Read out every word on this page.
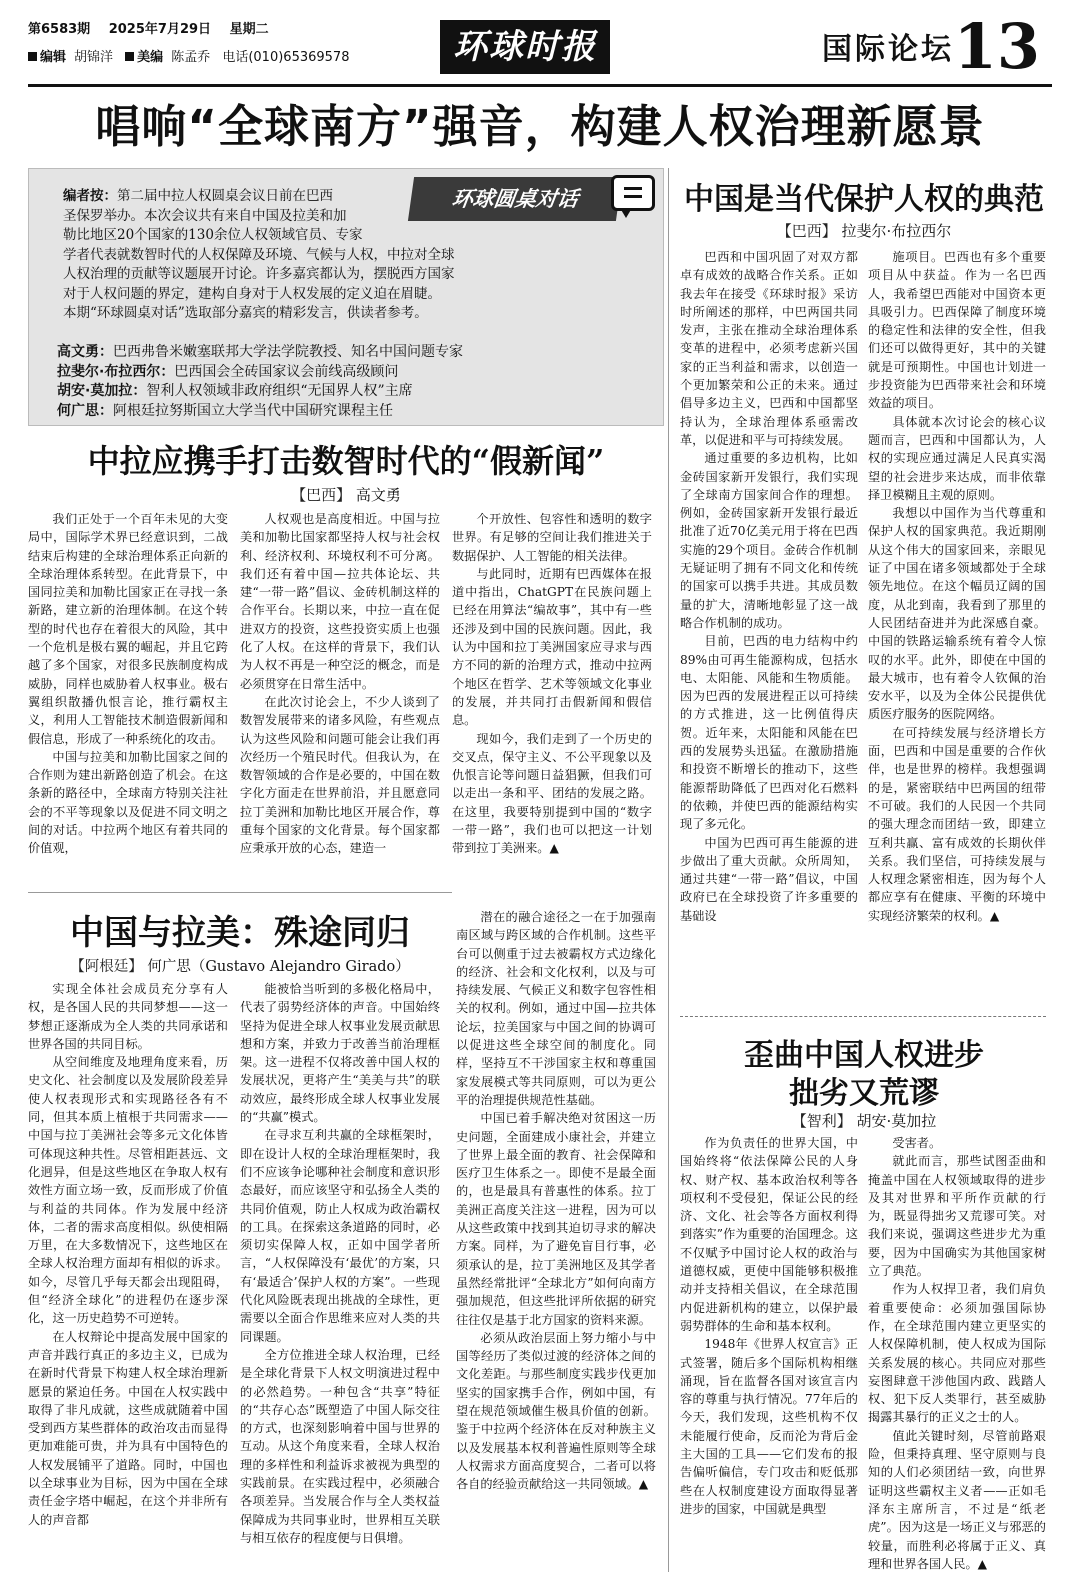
第6583期 2025年7月29日 星期二
编辑 胡锦洋 美编 陈孟乔 电话(010)65369578	环球时报	国际论坛 13
唱响“全球南方”强音，构建人权治理新愿景
环球圆桌对话
编者按：第二届中拉人权圆桌会议日前在巴西
圣保罗举办。本次会议共有来自中国及拉美和加
勒比地区20个国家的130余位人权领域官员、专家
学者代表就数智时代的人权保障及环境、气候与人权，中拉对全球
人权治理的贡献等议题展开讨论。许多嘉宾都认为，摆脱西方国家
对于人权问题的界定，建构自身对于人权发展的定义迫在眉睫。
本期“环球圆桌对话”选取部分嘉宾的精彩发言，供读者参考。
高文勇：巴西弗鲁米嫩塞联邦大学法学院教授、知名中国问题专家
拉斐尔·布拉西尔：巴西国会全砖国家议会前线高级顾问
胡安·莫加拉：智利人权领域非政府组织“无国界人权”主席
何广思：阿根廷拉努斯国立大学当代中国研究课程主任
中拉应携手打击数智时代的“假新闻”
【巴西】 高文勇

我们正处于一个百年未见的大变局中，国际学术界已经意识到，二战结束后构建的全球治理体系正向新的全球治理体系转型。在此背景下，中国同拉美和加勒比国家正在寻找一条新路，建立新的治理体制。在这个转型的时代也存在着很大的风险，其中一个危机是极右翼的崛起，并且它跨越了多个国家，对很多民族制度构成威胁，同样也威胁着人权事业。极右翼组织散播仇恨言论，推行霸权主义，利用人工智能技术制造假新闻和假信息，形成了一种系统化的攻击。

中国与拉美和加勒比国家之间的合作则为建出新路创造了机会。在这条新的路径中，全球南方特别关注社会的不平等现象以及促进不同文明之间的对话。中拉两个地区有着共同的价值观，

人权观也是高度相近。中国与拉美和加勒比国家都坚持人权与社会权利、经济权利、环境权利不可分离。我们还有着中国—拉共体论坛、共建“一带一路”倡议、金砖机制这样的合作平台。长期以来，中拉一直在促进双方的投资，这些投资实质上也强化了人权。在这样的背景下，我们认为人权不再是一种空泛的概念，而是必须贯穿在日常生活中。

在此次讨论会上，不少人谈到了数智发展带来的诸多风险，有些观点认为这些风险和问题可能会让我们再次经历一个殖民时代。但我认为，在数智领域的合作是必要的，中国在数字化方面走在世界前沿，并且愿意同拉丁美洲和加勒比地区开展合作，尊重每个国家的文化背景。每个国家都应秉承开放的心态，建造一

个开放性、包容性和透明的数字世界。有足够的空间让我们推进关于数据保护、人工智能的相关法律。

与此同时，近期有巴西媒体在报道中指出，ChatGPT在民族问题上已经在用算法“编故事”，其中有一些还涉及到中国的民族问题。因此，我认为中国和拉丁美洲国家应寻求与西方不同的新的治理方式，推动中拉两个地区在哲学、艺术等领域文化事业的发展，并共同打击假新闻和假信息。

现如今，我们走到了一个历史的交叉点，保守主义、不公平现象以及仇恨言论等问题日益猖獗，但我们可以走出一条和平、团结的发展之路。在这里，我要特别提到中国的“数字一带一路”，我们也可以把这一计划带到拉丁美洲来。▲

中国与拉美：殊途同归
【阿根廷】 何广思（Gustavo Alejandro Girado）

实现全体社会成员充分享有人权，是各国人民的共同梦想——这一梦想正逐渐成为全人类的共同承诺和世界各国的共同目标。

从空间维度及地理角度来看，历史文化、社会制度以及发展阶段差异使人权表现形式和实现路径各有不同，但其本质上植根于共同需求——中国与拉丁美洲社会等多元文化体皆可体现这种共性。尽管相距甚远、文化迥异，但是这些地区在争取人权有效性方面立场一致，反而形成了价值与利益的共同体。作为发展中经济体，二者的需求高度相似。纵使相隔万里，在大多数情况下，这些地区在全球人权治理方面却有相似的诉求。如今，尽管几乎每天都会出现阻碍，但“经济全球化”的进程仍在逐步深化，这一历史趋势不可逆转。

在人权辩论中提高发展中国家的声音并践行真正的多边主义，已成为在新时代背景下构建人权全球治理新愿景的紧迫任务。中国在人权实践中取得了非凡成就，这些成就随着中国受到西方某些群体的政治攻击而显得更加难能可贵，并为具有中国特色的人权发展铺平了道路。同时，中国也以全球事业为目标，因为中国在全球责任金字塔中崛起，在这个并非所有人的声音都

能被恰当听到的多极化格局中，代表了弱势经济体的声音。中国始终坚持为促进全球人权事业发展贡献思想和方案，并致力于改善当前治理框架。这一进程不仅将改善中国人权的发展状况，更将产生“美美与共”的联动效应，最终形成全球人权事业发展的“共赢”模式。

在寻求互利共赢的全球框架时，即在设计人权的全球治理框架时，我们不应该争论哪种社会制度和意识形态最好，而应该坚守和弘扬全人类的共同价值观，防止人权成为政治霸权的工具。在探索这条道路的同时，必须切实保障人权，正如中国学者所言，“人权保障没有‘最优’的方案，只有‘最适合’保护人权的方案”。一些现代化风险既表现出挑战的全球性，更需要以全面合作思维来应对人类的共同课题。

全方位推进全球人权治理，已经是全球化背景下人权文明演进过程中的必然趋势。一种包含“共享”特征的“共存心态”既塑造了中国人际交往的方式，也深刻影响着中国与世界的互动。从这个角度来看，全球人权治理的多样性和利益诉求被视为典型的实践前景。在实践过程中，必须融合各项差异。当发展合作与全人类权益保障成为共同事业时，世界相互关联与相互依存的程度便与日俱增。

潜在的融合途径之一在于加强南南区域与跨区域的合作机制。这些平台可以侧重于过去被霸权方式边缘化的经济、社会和文化权利，以及与可持续发展、气候正义和数字包容性相关的权利。例如，通过中国—拉共体论坛，拉美国家与中国之间的协调可以促进这些全球空间的制度化。同样，坚持互不干涉国家主权和尊重国家发展模式等共同原则，可以为更公平的治理提供规范性基础。

中国已着手解决绝对贫困这一历史问题，全面建成小康社会，并建立了世界上最全面的教育、社会保障和医疗卫生体系之一。即使不是最全面的，也是最具有普惠性的体系。拉丁美洲正高度关注这一进程，因为可以从这些政策中找到其迫切寻求的解决方案。同样，为了避免盲目行事，必须承认的是，拉丁美洲地区及其学者虽然经常批评“全球北方”如何向南方强加规范，但这些批评所依据的研究往往仅是基于北方国家的资料来源。

必须从政治层面上努力缩小与中国等经历了类似过渡的经济体之间的文化差距。与那些制度实践步伐更加坚实的国家携手合作，例如中国，有望在规范领域催生极具价值的创新。鉴于中拉两个经济体在反对种族主义以及发展基本权利普遍性原则等全球人权需求方面高度契合，二者可以将各自的经验贡献给这一共同领域。▲

中国是当代保护人权的典范
【巴西】 拉斐尔·布拉西尔

巴西和中国巩固了对双方都卓有成效的战略合作关系。正如我去年在接受《环球时报》采访时所阐述的那样，中巴两国共同发声，主张在推动全球治理体系变革的进程中，必须考虑新兴国家的正当利益和需求，以创造一个更加繁荣和公正的未来。通过倡导多边主义，巴西和中国都坚持认为，全球治理体系亟需改革，以促进和平与可持续发展。

通过重要的多边机构，比如金砖国家新开发银行，我们实现了全球南方国家间合作的理想。例如，金砖国家新开发银行最近批准了近70亿美元用于将在巴西实施的29个项目。金砖合作机制无疑证明了拥有不同文化和传统的国家可以携手共进。其成员数量的扩大，清晰地彰显了这一战略合作机制的成功。

目前，巴西的电力结构中约89%由可再生能源构成，包括水电、太阳能、风能和生物质能。因为巴西的发展进程正以可持续的方式推进，这一比例值得庆贺。近年来，太阳能和风能在巴西的发展势头迅猛。在激励措施和投资不断增长的推动下，这些能源帮助降低了巴西对化石燃料的依赖，并使巴西的能源结构实现了多元化。

中国为巴西可再生能源的进步做出了重大贡献。众所周知，通过共建“一带一路”倡议，中国政府已在全球投资了许多重要的基础设

施项目。巴西也有多个重要项目从中获益。作为一名巴西人，我希望巴西能对中国资本更具吸引力。巴西保障了制度环境的稳定性和法律的安全性，但我们还可以做得更好，其中的关键就是可预期性。中国也计划进一步投资能为巴西带来社会和环境效益的项目。

具体就本次讨论会的核心议题而言，巴西和中国都认为，人权的实现应通过满足人民真实渴望的社会进步来达成，而非依靠择卫模糊且主观的原则。

我想以中国作为当代尊重和保护人权的国家典范。我近期刚从这个伟大的国家回来，亲眼见证了中国在诸多领域都处于全球领先地位。在这个幅员辽阔的国度，从北到南，我看到了那里的人民团结奋进并为此深感自豪。中国的铁路运输系统有着令人惊叹的水平。此外，即使在中国的最大城市，也有着令人钦佩的治安水平，以及为全体公民提供优质医疗服务的医院网络。

在可持续发展与经济增长方面，巴西和中国是重要的合作伙伴，也是世界的榜样。我想强调的是，紧密联结中巴两国的纽带不可破。我们的人民因一个共同的强大理念而团结一致，即建立互利共赢、富有成效的长期伙伴关系。我们坚信，可持续发展与人权理念紧密相连，因为每个人都应享有在健康、平衡的环境中实现经济繁荣的权利。▲

歪曲中国人权进步
拙劣又荒谬
【智利】 胡安·莫加拉

作为负责任的世界大国，中国始终将“依法保障公民的人身权、财产权、基本政治权利等各项权利不受侵犯，保证公民的经济、文化、社会等各方面权利得到落实”作为重要的治国理念。这不仅赋予中国讨论人权的政治与道德权威，更使中国能够积极推动并支持相关倡议，在全球范围内促进新机构的建立，以保护最弱势群体的生命和基本权利。

1948年《世界人权宣言》正式签署，随后多个国际机构相继涌现，旨在监督各国对该宣言内容的尊重与执行情况。77年后的今天，我们发现，这些机构不仅未能履行使命，反而沦为背后金主大国的工具——它们发布的报告偏听偏信，专门攻击和贬低那些在人权制度建设方面取得显著进步的国家，中国就是典型

受害者。

就此而言，那些试图歪曲和掩盖中国在人权领域取得的进步及其对世界和平所作贡献的行为，既显得拙劣又荒谬可笑。对我们来说，强调这些进步尤为重要，因为中国确实为其他国家树立了典范。

作为人权捍卫者，我们肩负着重要使命：必须加强国际协作，在全球范围内建立更坚实的人权保障机制，使人权成为国际关系发展的核心。共同应对那些妄图肆意干涉他国内政、践踏人权、犯下反人类罪行，甚至威胁揭露其暴行的正义之士的人。

值此关键时刻，尽管前路艰险，但秉持真理、坚守原则与良知的人们必须团结一致，向世界证明这些霸权主义者——正如毛泽东主席所言，不过是“纸老虎”。因为这是一场正义与邪恶的较量，而胜利必将属于正义、真理和世界各国人民。▲
